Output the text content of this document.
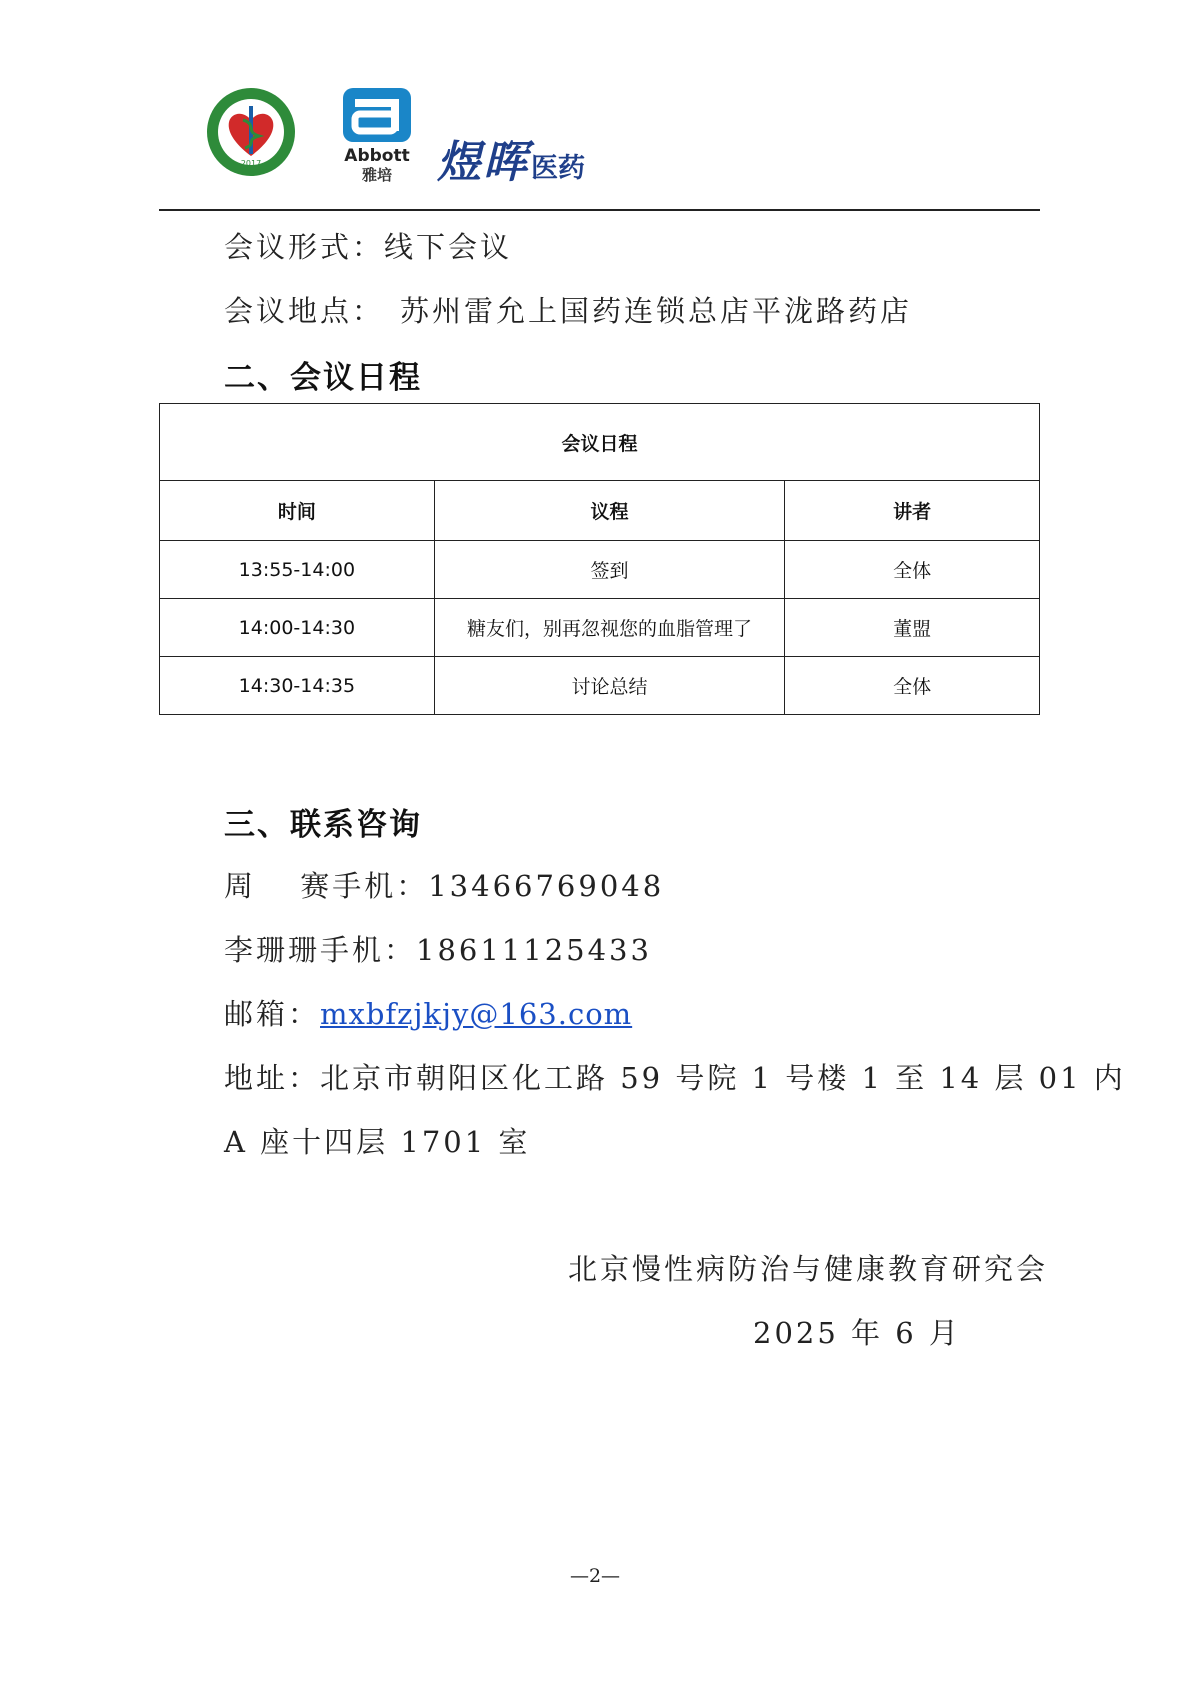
2017	Abbott
雅培	煜晖医药
会议形式：线下会议
会议地点： 苏州雷允上国药连锁总店平泷路药店
二、会议日程
会议日程		
时间	议程	讲者
13:55-14:00	签到	全体
14:00-14:30	糖友们，别再忽视您的血脂管理了	董盟
14:30-14:35	讨论总结	全体
三、联系咨询
周　 赛手机：13466769048
李珊珊手机：18611125433
邮箱：mxbfzjkjy@163.com
地址：北京市朝阳区化工路 59 号院 1 号楼 1 至 14 层 01 内
A 座十四层 1701 室
北京慢性病防治与健康教育研究会
2025 年 6 月
—2—
